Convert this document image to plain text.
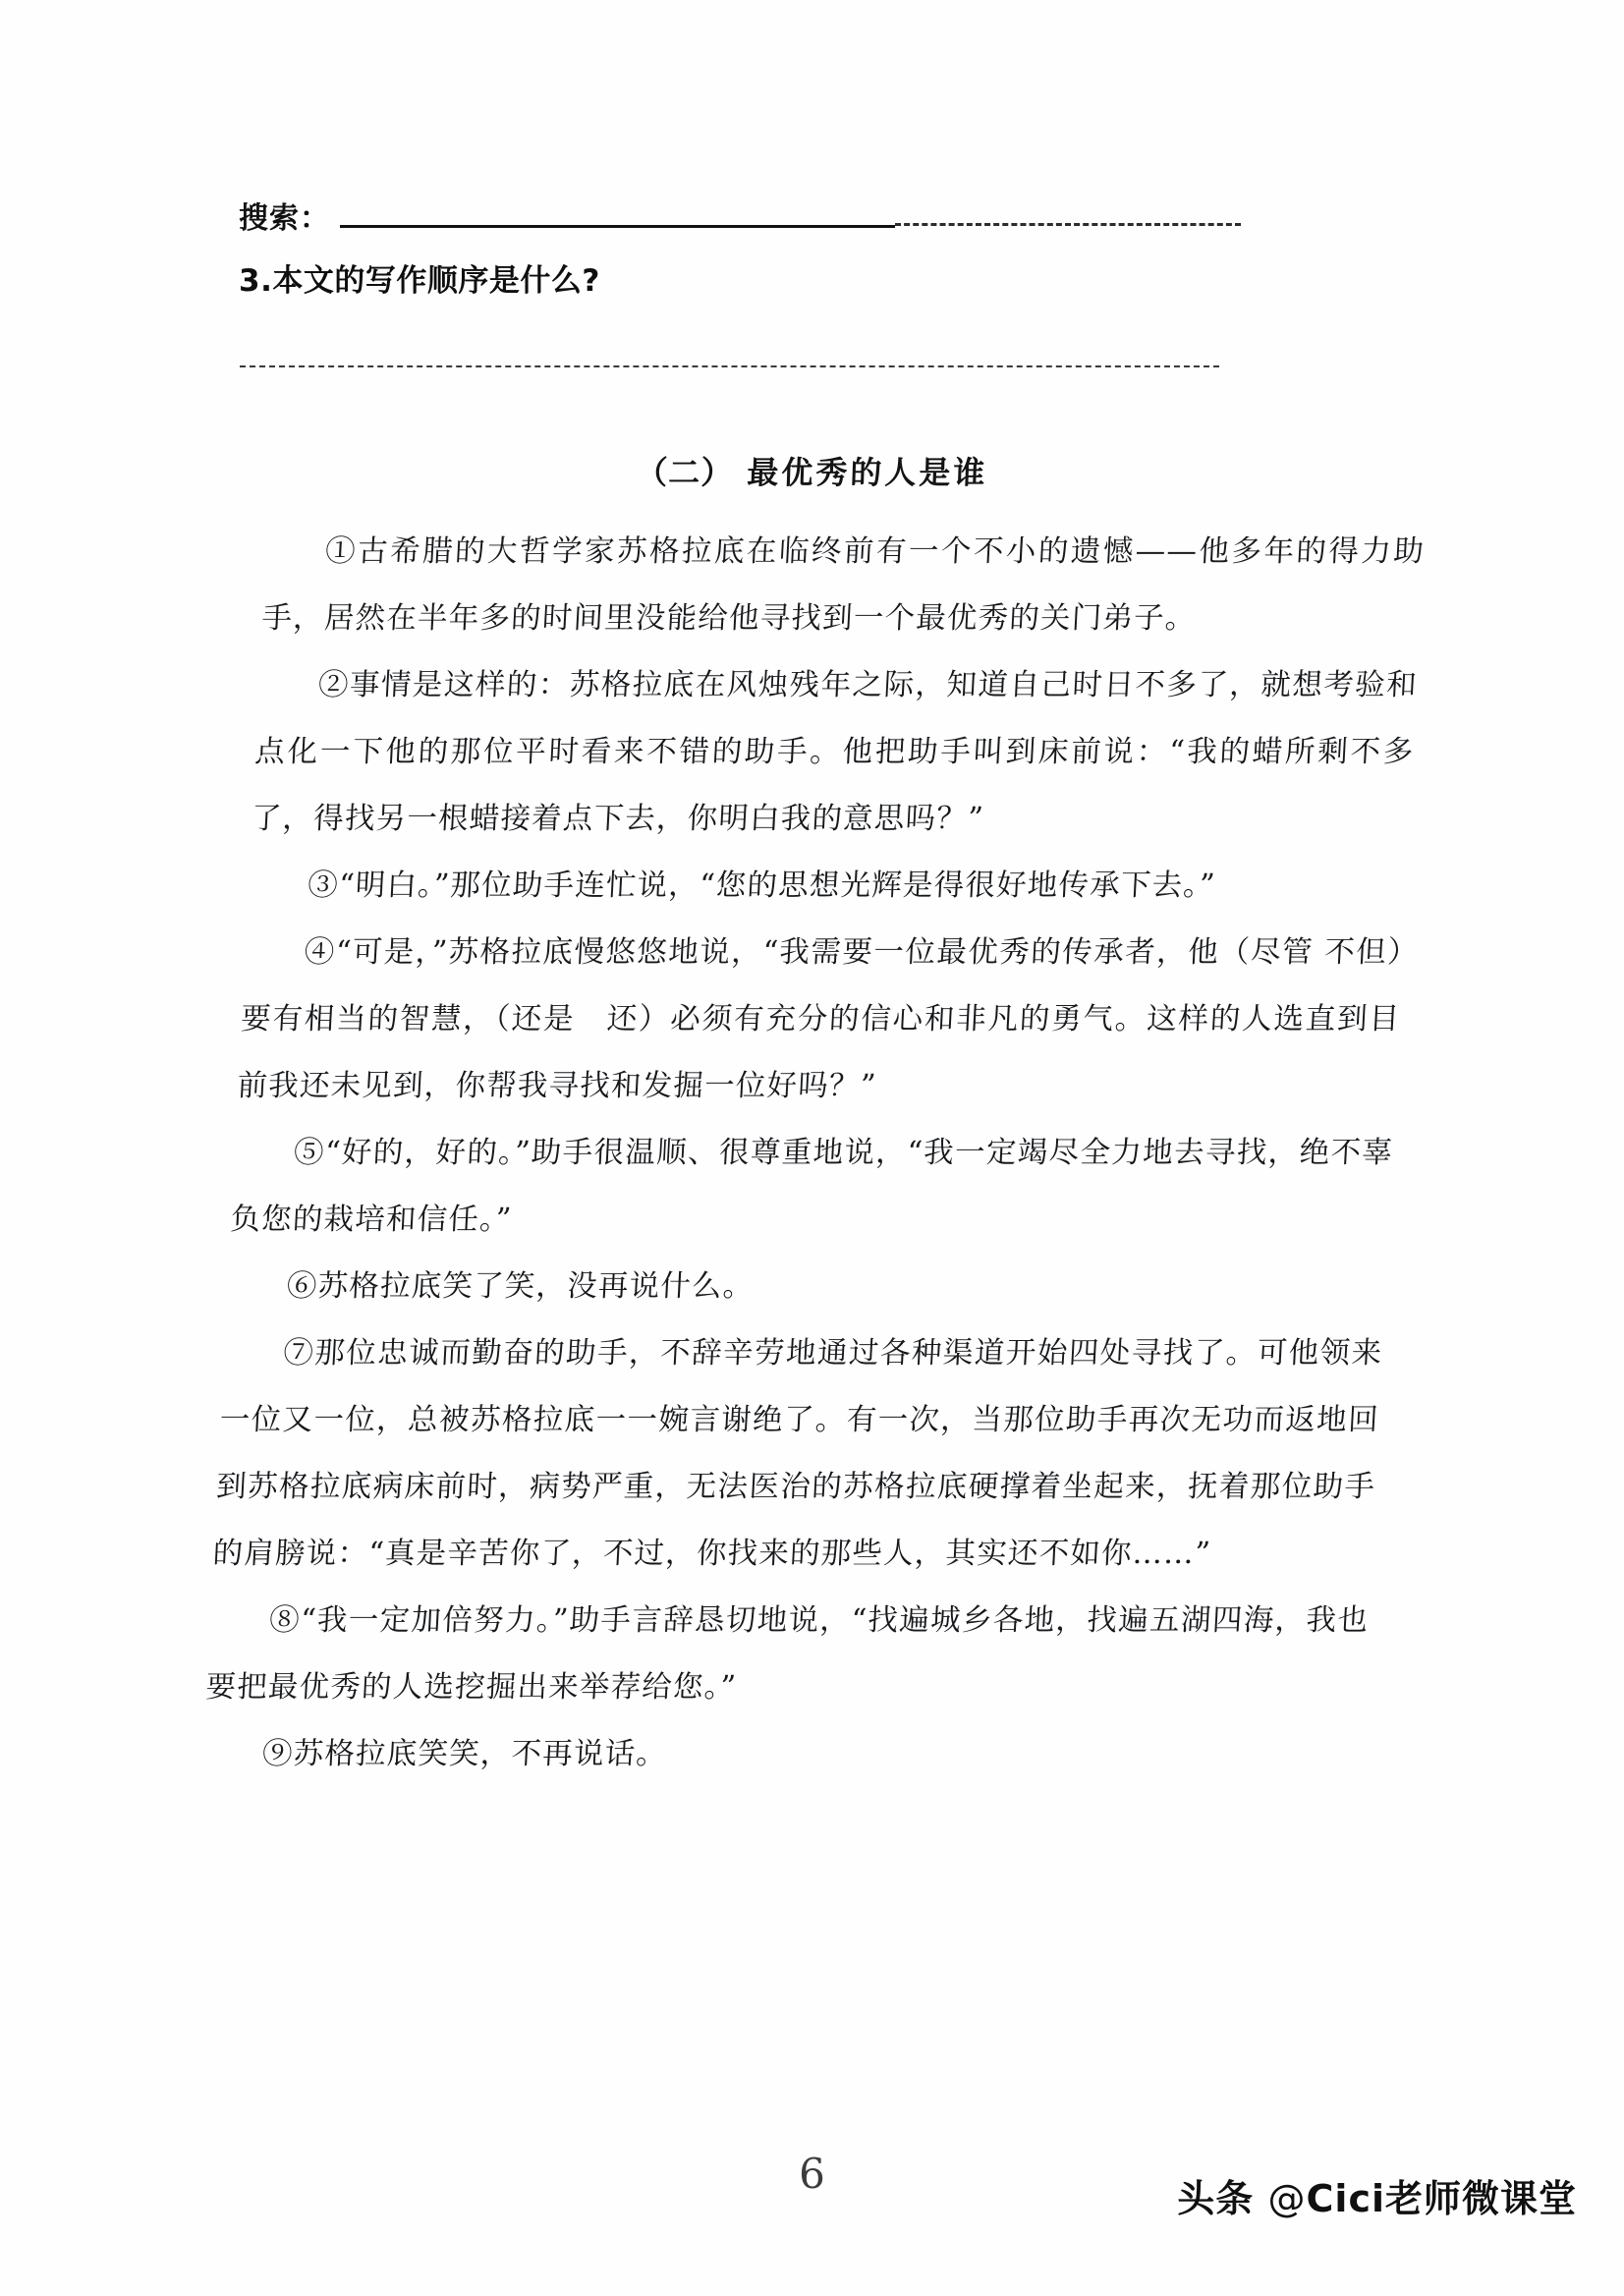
搜索：
3.本文的写作顺序是什么?
（二） 最优秀的人是谁

①古希腊的大哲学家苏格拉底在临终前有一个不小的遗憾——他多年的得力助手，居然在半年多的时间里没能给他寻找到一个最优秀的关门弟子。

②事情是这样的：苏格拉底在风烛残年之际，知道自己时日不多了，就想考验和点化一下他的那位平时看来不错的助手。他把助手叫到床前说：“我的蜡所剩不多了，得找另一根蜡接着点下去，你明白我的意思吗？”

③“明白。”那位助手连忙说，“您的思想光辉是得很好地传承下去。”

④“可是，”苏格拉底慢悠悠地说，“我需要一位最优秀的传承者，他（尽管 不但）要有相当的智慧，（还是　还）必须有充分的信心和非凡的勇气。这样的人选直到目前我还未见到，你帮我寻找和发掘一位好吗？”

⑤“好的，好的。”助手很温顺、很尊重地说，“我一定竭尽全力地去寻找，绝不辜负您的栽培和信任。”

⑥苏格拉底笑了笑，没再说什么。

⑦那位忠诚而勤奋的助手，不辞辛劳地通过各种渠道开始四处寻找了。可他领来一位又一位，总被苏格拉底一一婉言谢绝了。有一次，当那位助手再次无功而返地回到苏格拉底病床前时，病势严重，无法医治的苏格拉底硬撑着坐起来，抚着那位助手的肩膀说：“真是辛苦你了，不过，你找来的那些人，其实还不如你……”

⑧“我一定加倍努力。”助手言辞恳切地说，“找遍城乡各地，找遍五湖四海，我也要把最优秀的人选挖掘出来举荐给您。”

⑨苏格拉底笑笑，不再说话。

6
头条 @Cici老师微课堂
